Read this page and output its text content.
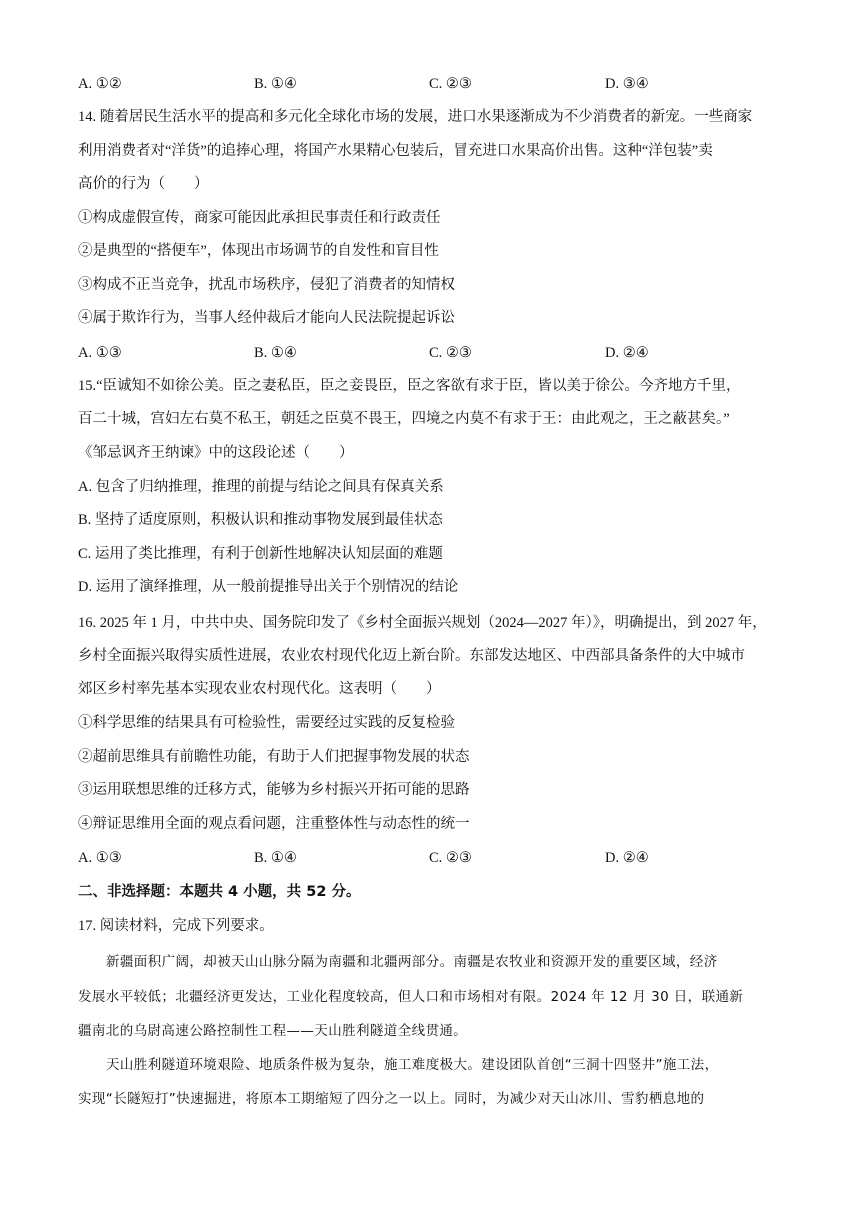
A. ①②	B. ①④	C. ②③	D. ③④
14. 随着居民生活水平的提高和多元化全球化市场的发展，进口水果逐渐成为不少消费者的新宠。一些商家
利用消费者对“洋货”的追捧心理，将国产水果精心包装后，冒充进口水果高价出售。这种“洋包装”卖
高价的行为（　　）
①构成虚假宣传，商家可能因此承担民事责任和行政责任
②是典型的“搭便车”，体现出市场调节的自发性和盲目性
③构成不正当竞争，扰乱市场秩序，侵犯了消费者的知情权
④属于欺诈行为，当事人经仲裁后才能向人民法院提起诉讼
A. ①③	B. ①④	C. ②③	D. ②④
15.“臣诚知不如徐公美。臣之妻私臣，臣之妾畏臣，臣之客欲有求于臣，皆以美于徐公。今齐地方千里，
百二十城，宫妇左右莫不私王，朝廷之臣莫不畏王，四境之内莫不有求于王：由此观之，王之蔽甚矣。”
《邹忌讽齐王纳谏》中的这段论述（　　）
A. 包含了归纳推理，推理的前提与结论之间具有保真关系
B. 坚持了适度原则，积极认识和推动事物发展到最佳状态
C. 运用了类比推理，有利于创新性地解决认知层面的难题
D. 运用了演绎推理，从一般前提推导出关于个别情况的结论
16. 2025 年 1 月，中共中央、国务院印发了《乡村全面振兴规划（2024—2027 年）》，明确提出，到 2027 年，
乡村全面振兴取得实质性进展，农业农村现代化迈上新台阶。东部发达地区、中西部具备条件的大中城市
郊区乡村率先基本实现农业农村现代化。这表明（　　）
①科学思维的结果具有可检验性，需要经过实践的反复检验
②超前思维具有前瞻性功能，有助于人们把握事物发展的状态
③运用联想思维的迁移方式，能够为乡村振兴开拓可能的思路
④辩证思维用全面的观点看问题，注重整体性与动态性的统一
A. ①③	B. ①④	C. ②③	D. ②④
二、非选择题：本题共 4 小题，共 52 分。
17. 阅读材料，完成下列要求。
新疆面积广阔，却被天山山脉分隔为南疆和北疆两部分。南疆是农牧业和资源开发的重要区域，经济
发展水平较低；北疆经济更发达，工业化程度较高，但人口和市场相对有限。2024 年 12 月 30 日，联通新
疆南北的乌尉高速公路控制性工程——天山胜利隧道全线贯通。
天山胜利隧道环境艰险、地质条件极为复杂，施工难度极大。建设团队首创“三洞十四竖井”施工法，
实现“长隧短打”快速掘进，将原本工期缩短了四分之一以上。同时，为减少对天山冰川、雪豹栖息地的
